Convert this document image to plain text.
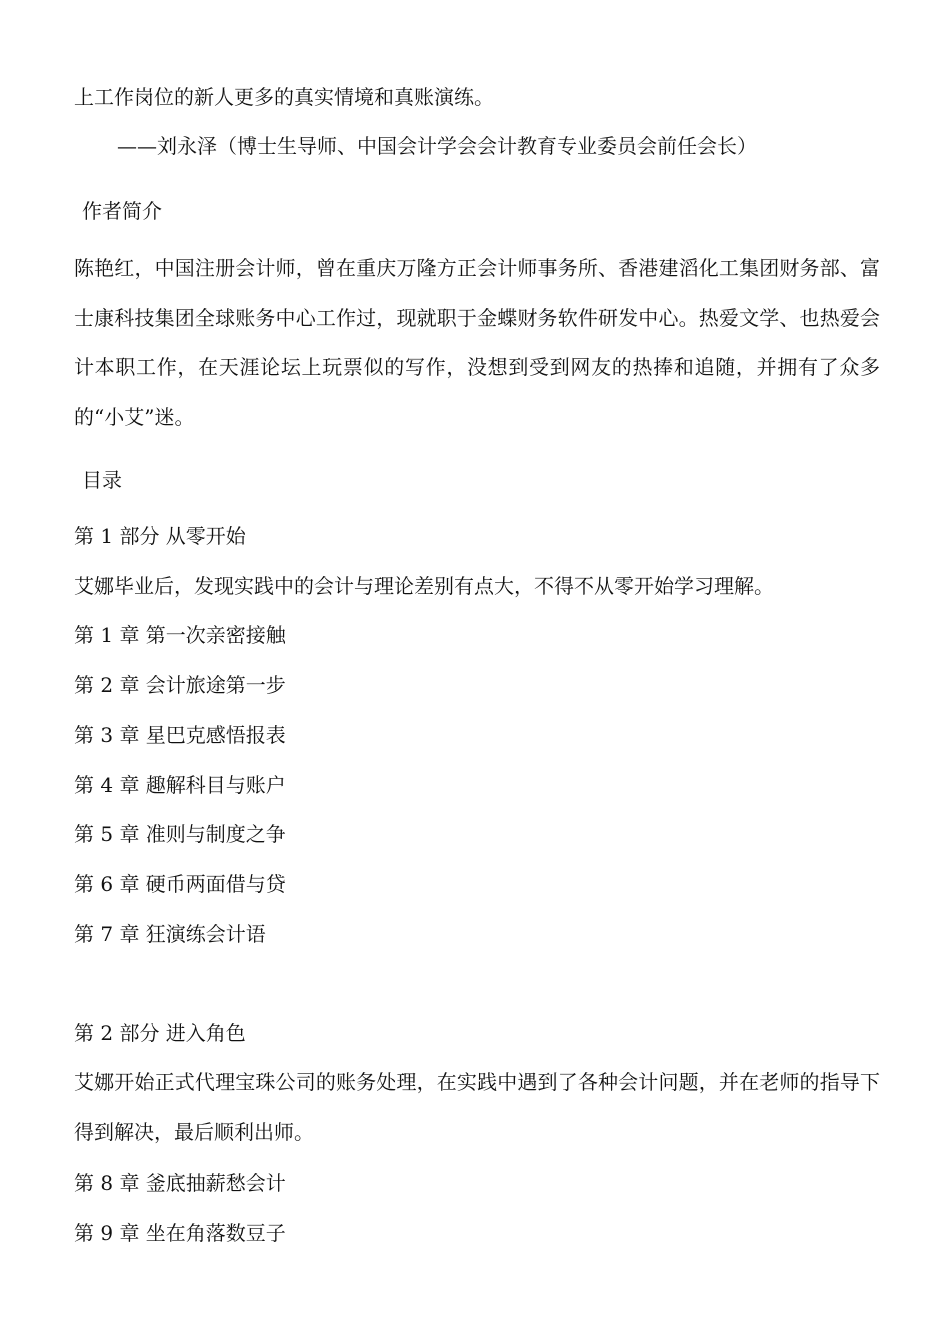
上工作岗位的新人更多的真实情境和真账演练。
——刘永泽（博士生导师、中国会计学会会计教育专业委员会前任会长）
作者简介
陈艳红，中国注册会计师，曾在重庆万隆方正会计师事务所、香港建滔化工集团财务部、富士康科技集团全球账务中心工作过，现就职于金蝶财务软件研发中心。热爱文学、也热爱会计本职工作，在天涯论坛上玩票似的写作，没想到受到网友的热捧和追随，并拥有了众多的“小艾”迷。
目录
第 1 部分 从零开始
艾娜毕业后，发现实践中的会计与理论差别有点大，不得不从零开始学习理解。
第 1 章 第一次亲密接触
第 2 章 会计旅途第一步
第 3 章 星巴克感悟报表
第 4 章 趣解科目与账户
第 5 章 准则与制度之争
第 6 章 硬币两面借与贷
第 7 章 狂演练会计语
第 2 部分 进入角色
艾娜开始正式代理宝珠公司的账务处理，在实践中遇到了各种会计问题，并在老师的指导下得到解决，最后顺利出师。
第 8 章 釜底抽薪愁会计
第 9 章 坐在角落数豆子
